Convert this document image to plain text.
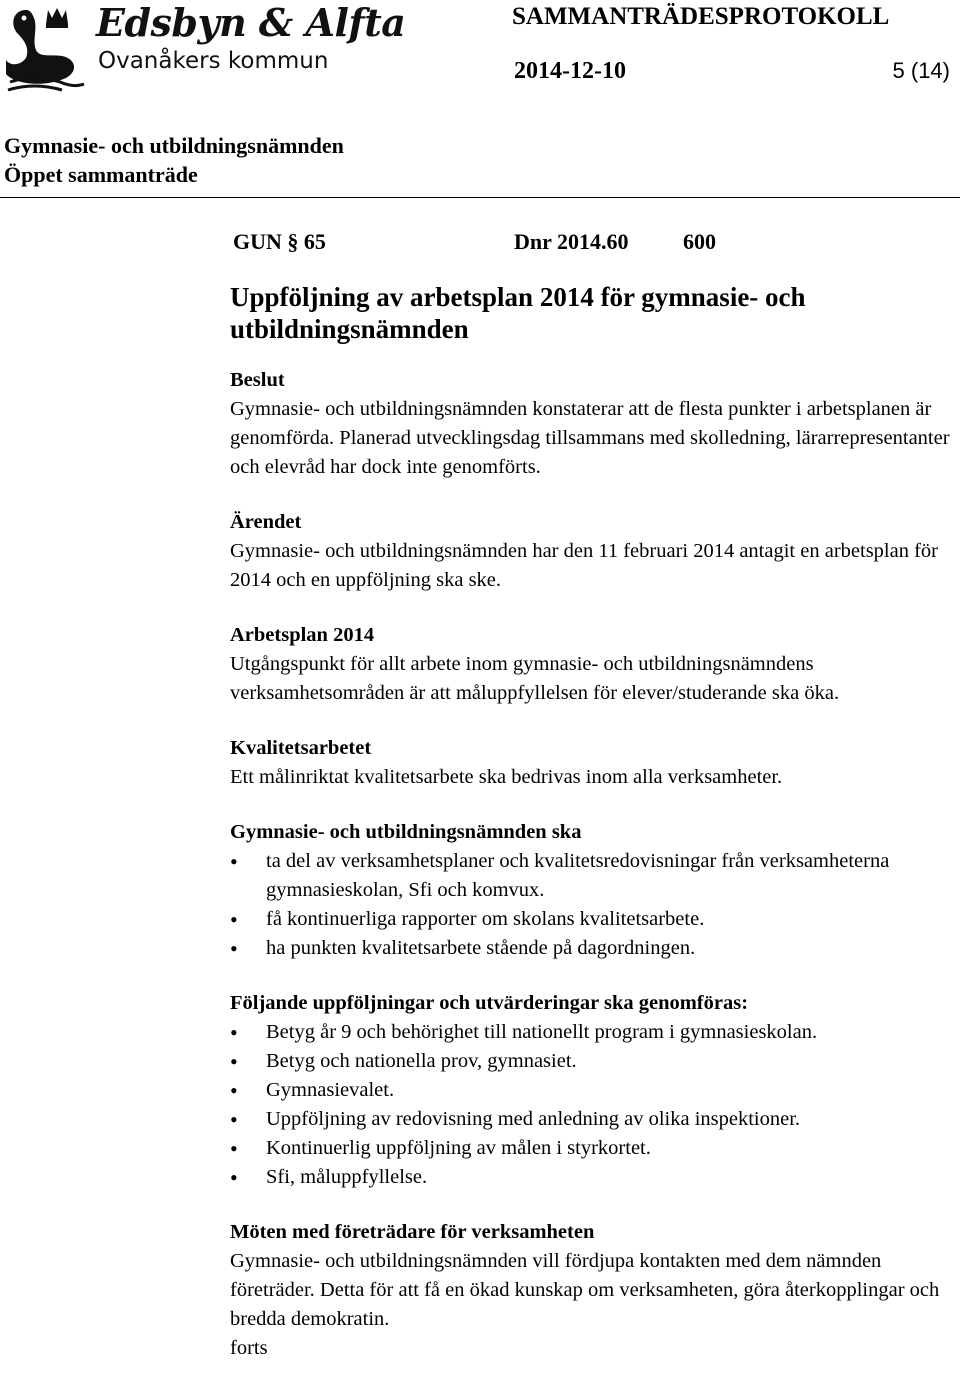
Edsbyn & Alfta
Ovanåkers kommun
SAMMANTRÄDESPROTOKOLL
2014-12-10	5 (14)
Gymnasie- och utbildningsnämnden
Öppet sammanträde
GUN § 65	Dnr 2014.60 600
Uppföljning av arbetsplan 2014 för gymnasie- och utbildningsnämnden
Beslut

Gymnasie- och utbildningsnämnden konstaterar att de flesta punkter i arbetsplanen är genomförda. Planerad utvecklingsdag tillsammans med skolledning, lärarrepresentanter och elevråd har dock inte genomförts.

Ärendet

Gymnasie- och utbildningsnämnden har den 11 februari 2014 antagit en arbetsplan för 2014 och en uppföljning ska ske.

Arbetsplan 2014

Utgångspunkt för allt arbete inom gymnasie- och utbildningsnämndens verksamhetsområden är att måluppfyllelsen för elever/studerande ska öka.

Kvalitetsarbetet

Ett målinriktat kvalitetsarbete ska bedrivas inom alla verksamheter.

Gymnasie- och utbildningsnämnden ska
• ta del av verksamhetsplaner och kvalitetsredovisningar från verksamheterna gymnasieskolan, Sfi och komvux.
• få kontinuerliga rapporter om skolans kvalitetsarbete.
• ha punkten kvalitetsarbete stående på dagordningen.
Följande uppföljningar och utvärderingar ska genomföras:
• Betyg år 9 och behörighet till nationellt program i gymnasieskolan.
• Betyg och nationella prov, gymnasiet.
• Gymnasievalet.
• Uppföljning av redovisning med anledning av olika inspektioner.
• Kontinuerlig uppföljning av målen i styrkortet.
• Sfi, måluppfyllelse.
Möten med företrädare för verksamheten

Gymnasie- och utbildningsnämnden vill fördjupa kontakten med dem nämnden företräder. Detta för att få en ökad kunskap om verksamheten, göra återkopplingar och bredda demokratin.

forts
